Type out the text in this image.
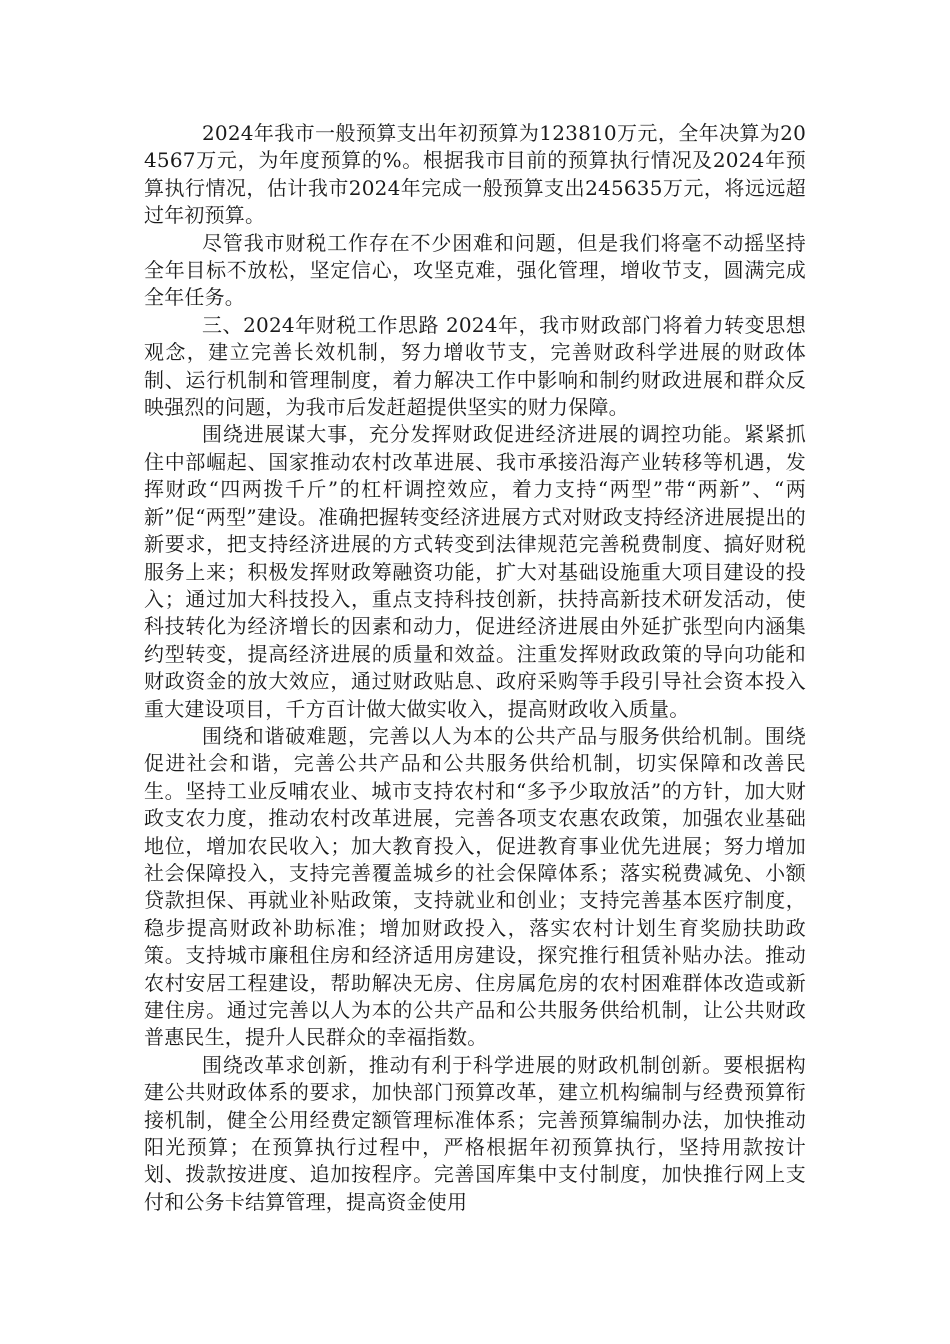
2024年我市一般预算支出年初预算为123810万元，全年决算为204567万元，为年度预算的%。根据我市目前的预算执行情况及2024年预算执行情况，估计我市2024年完成一般预算支出245635万元，将远远超过年初预算。

尽管我市财税工作存在不少困难和问题，但是我们将毫不动摇坚持全年目标不放松，坚定信心，攻坚克难，强化管理，增收节支，圆满完成全年任务。

三、2024年财税工作思路 2024年，我市财政部门将着力转变思想观念，建立完善长效机制，努力增收节支，完善财政科学进展的财政体制、运行机制和管理制度，着力解决工作中影响和制约财政进展和群众反映强烈的问题，为我市后发赶超提供坚实的财力保障。

围绕进展谋大事，充分发挥财政促进经济进展的调控功能。紧紧抓住中部崛起、国家推动农村改革进展、我市承接沿海产业转移等机遇，发挥财政“四两拨千斤”的杠杆调控效应，着力支持“两型”带“两新”、“两新”促“两型”建设。准确把握转变经济进展方式对财政支持经济进展提出的新要求，把支持经济进展的方式转变到法律规范完善税费制度、搞好财税服务上来；积极发挥财政筹融资功能，扩大对基础设施重大项目建设的投入；通过加大科技投入，重点支持科技创新，扶持高新技术研发活动，使科技转化为经济增长的因素和动力，促进经济进展由外延扩张型向内涵集约型转变，提高经济进展的质量和效益。注重发挥财政政策的导向功能和财政资金的放大效应，通过财政贴息、政府采购等手段引导社会资本投入重大建设项目，千方百计做大做实收入，提高财政收入质量。

围绕和谐破难题，完善以人为本的公共产品与服务供给机制。围绕促进社会和谐，完善公共产品和公共服务供给机制，切实保障和改善民生。坚持工业反哺农业、城市支持农村和“多予少取放活”的方针，加大财政支农力度，推动农村改革进展，完善各项支农惠农政策，加强农业基础地位，增加农民收入；加大教育投入，促进教育事业优先进展；努力增加社会保障投入，支持完善覆盖城乡的社会保障体系；落实税费减免、小额贷款担保、再就业补贴政策，支持就业和创业；支持完善基本医疗制度，稳步提高财政补助标准；增加财政投入，落实农村计划生育奖励扶助政策。支持城市廉租住房和经济适用房建设，探究推行租赁补贴办法。推动农村安居工程建设，帮助解决无房、住房属危房的农村困难群体改造或新建住房。通过完善以人为本的公共产品和公共服务供给机制，让公共财政普惠民生，提升人民群众的幸福指数。

围绕改革求创新，推动有利于科学进展的财政机制创新。要根据构建公共财政体系的要求，加快部门预算改革，建立机构编制与经费预算衔接机制，健全公用经费定额管理标准体系；完善预算编制办法，加快推动阳光预算；在预算执行过程中，严格根据年初预算执行，坚持用款按计划、拨款按进度、追加按程序。完善国库集中支付制度，加快推行网上支付和公务卡结算管理，提高资金使用
